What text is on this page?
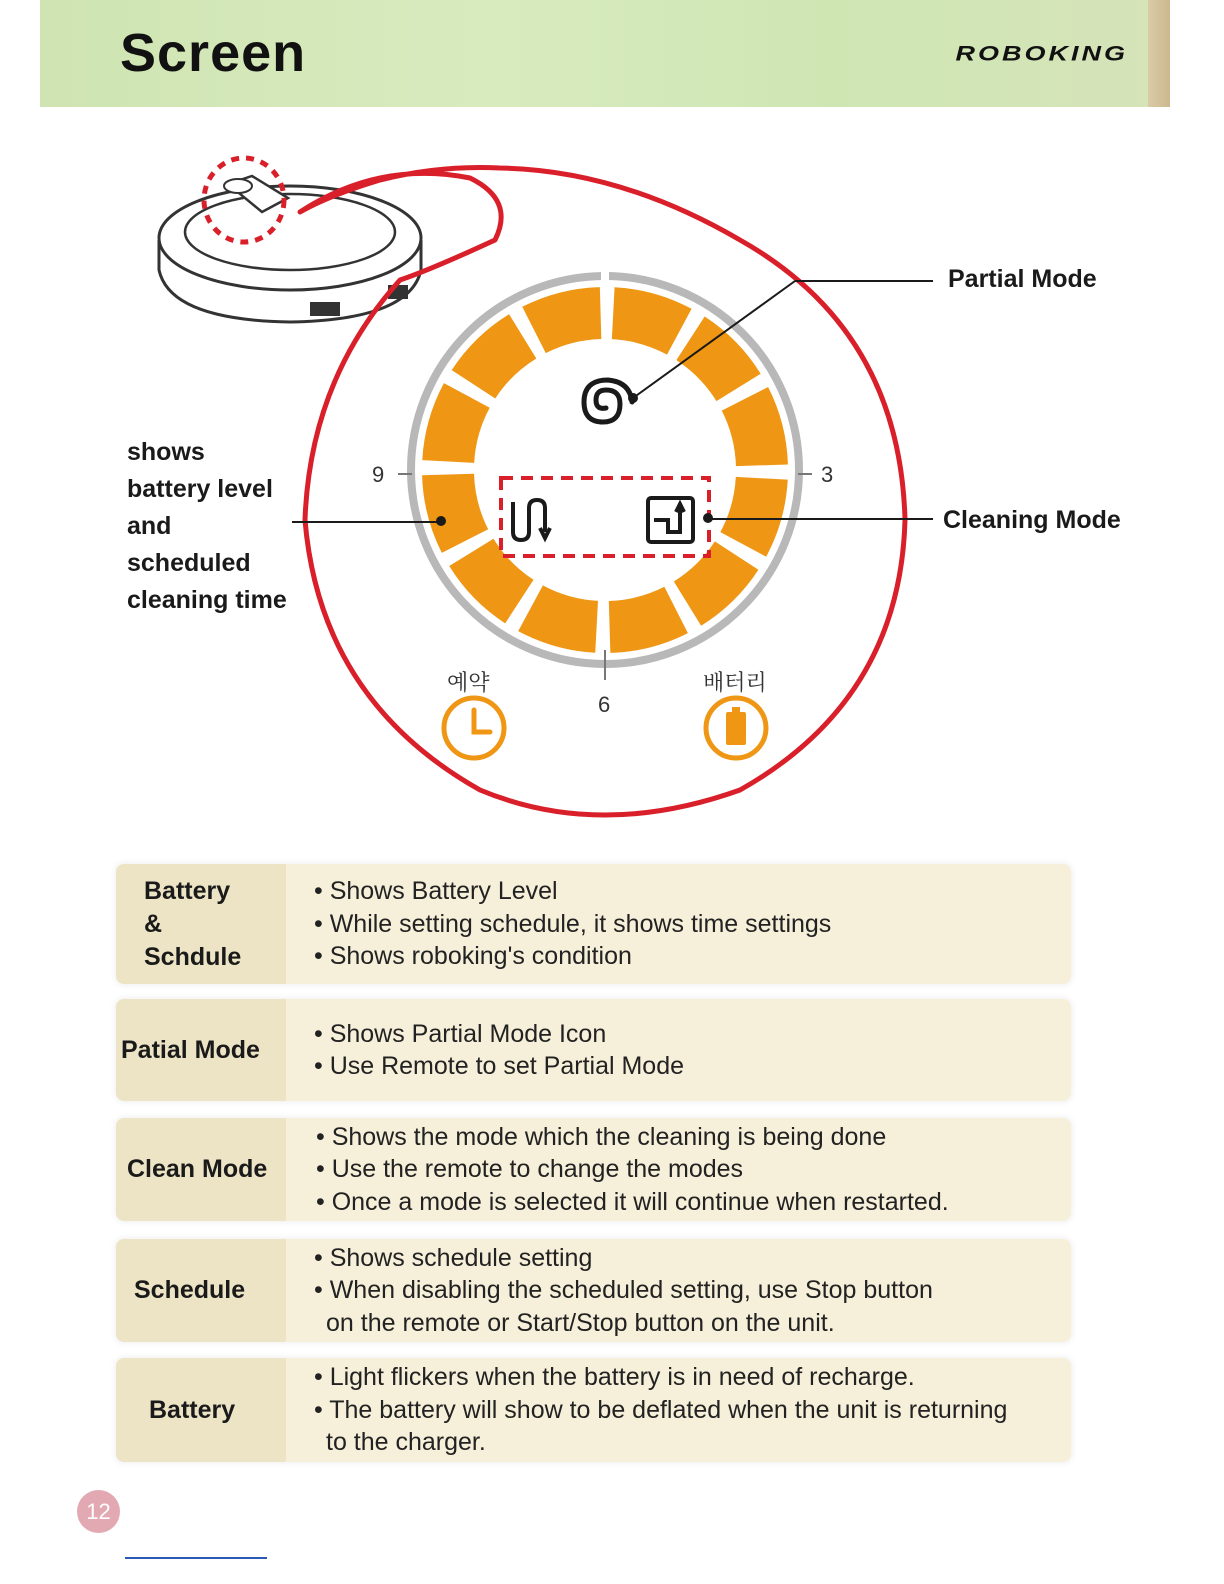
Screen	ROBOKING
Partial Mode
Cleaning Mode
shows
battery level
and
scheduled
cleaning time
9	3
6
예약	배터리
Battery
&
Schdule
• Shows Battery Level
• While setting schedule, it shows time settings
• Shows roboking's condition
Patial Mode
• Shows Partial Mode Icon
• Use Remote to set Partial Mode
Clean Mode
• Shows the mode which the cleaning is being done
• Use the remote to change the modes
• Once a mode is selected it will continue when restarted.
Schedule
• Shows schedule setting
• When disabling the scheduled setting, use Stop button
on the remote or Start/Stop button on the unit.
Battery
• Light flickers when the battery is in need of recharge.
• The battery will show to be deflated when the unit is returning
to the charger.
12
